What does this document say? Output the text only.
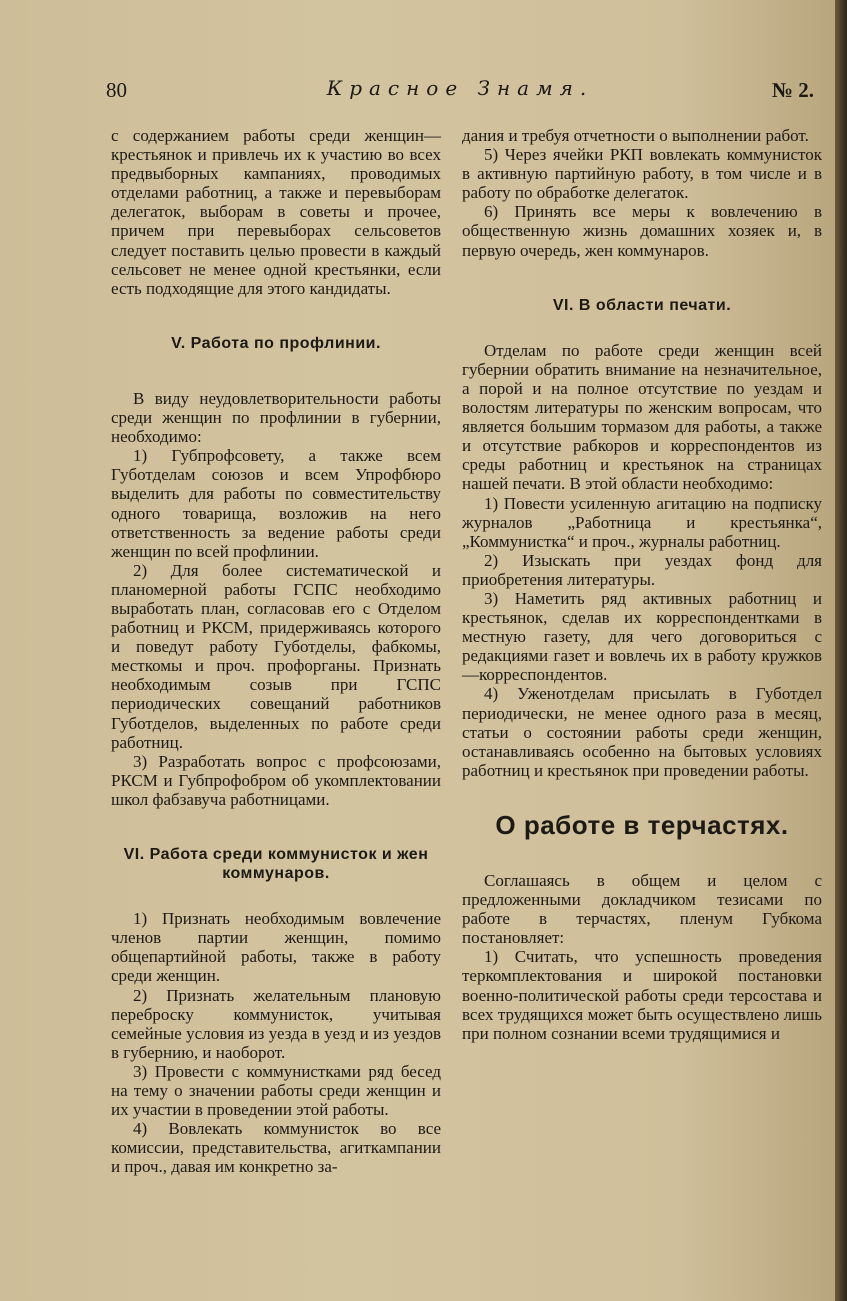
80	Красное Знамя.	№ 2.

с содержанием работы среди женщин—крестьянок и привлечь их к участию во всех предвыборных кампаниях, проводимых отделами работниц, а также и перевыборам делегаток, выборам в советы и прочее, причем при перевыборах сельсоветов следует поставить целью провести в каждый сельсовет не менее одной крестьянки, если есть подходящие для этого кандидаты.

V. Работа по профлинии.

В виду неудовлетворительности работы среди женщин по профлинии в губернии, необходимо:

1) Губпрофсовету, а также всем Губотделам союзов и всем Упрофбюро выделить для работы по совместительству одного товарища, возложив на него ответственность за ведение работы среди женщин по всей профлинии.

2) Для более систематической и планомерной работы ГСПС необходимо выработать план, согласовав его с Отделом работниц и РКСМ, придерживаясь которого и поведут работу Губотделы, фабкомы, месткомы и проч. профорганы. Признать необходимым созыв при ГСПС периодических совещаний работников Губотделов, выделенных по работе среди работниц.

3) Разработать вопрос с профсоюзами, РКСМ и Губпрофобром об укомплектовании школ фабзавуча работницами.

VI. Работа среди коммунисток и жен коммунаров.

1) Признать необходимым вовлечение членов партии женщин, помимо общепартийной работы, также в работу среди женщин.

2) Признать желательным плановую переброску коммунисток, учитывая семейные условия из уезда в уезд и из уездов в губернию, и наоборот.

3) Провести с коммунистками ряд бесед на тему о значении работы среди женщин и их участии в проведении этой работы.

4) Вовлекать коммунисток во все комиссии, представительства, агиткампании и проч., давая им конкретно за-

дания и требуя отчетности о выполнении работ.

5) Через ячейки РКП вовлекать коммунисток в активную партийную работу, в том числе и в работу по обработке делегаток.

6) Принять все меры к вовлечению в общественную жизнь домашних хозяек и, в первую очередь, жен коммунаров.

VI. В области печати.

Отделам по работе среди женщин всей губернии обратить внимание на незначительное, а порой и на полное отсутствие по уездам и волостям литературы по женским вопросам, что является большим тормазом для работы, а также и отсутствие рабкоров и корреспондентов из среды работниц и крестьянок на страницах нашей печати. В этой области необходимо:

1) Повести усиленную агитацию на подписку журналов „Работница и крестьянка“, „Коммунистка“ и проч., журналы работниц.

2) Изыскать при уездах фонд для приобретения литературы.

3) Наметить ряд активных работниц и крестьянок, сделав их корреспондентками в местную газету, для чего договориться с редакциями газет и вовлечь их в работу кружков—корреспондентов.

4) Уженотделам присылать в Губотдел периодически, не менее одного раза в месяц, статьи о состоянии работы среди женщин, останавливаясь особенно на бытовых условиях работниц и крестьянок при проведении работы.

О работе в терчастях.

Соглашаясь в общем и целом с предложенными докладчиком тезисами по работе в терчастях, пленум Губкома постановляет:

1) Считать, что успешность проведения теркомплектования и широкой постановки военно-политической работы среди терсостава и всех трудящихся может быть осуществлено лишь при полном сознании всеми трудящимися и
